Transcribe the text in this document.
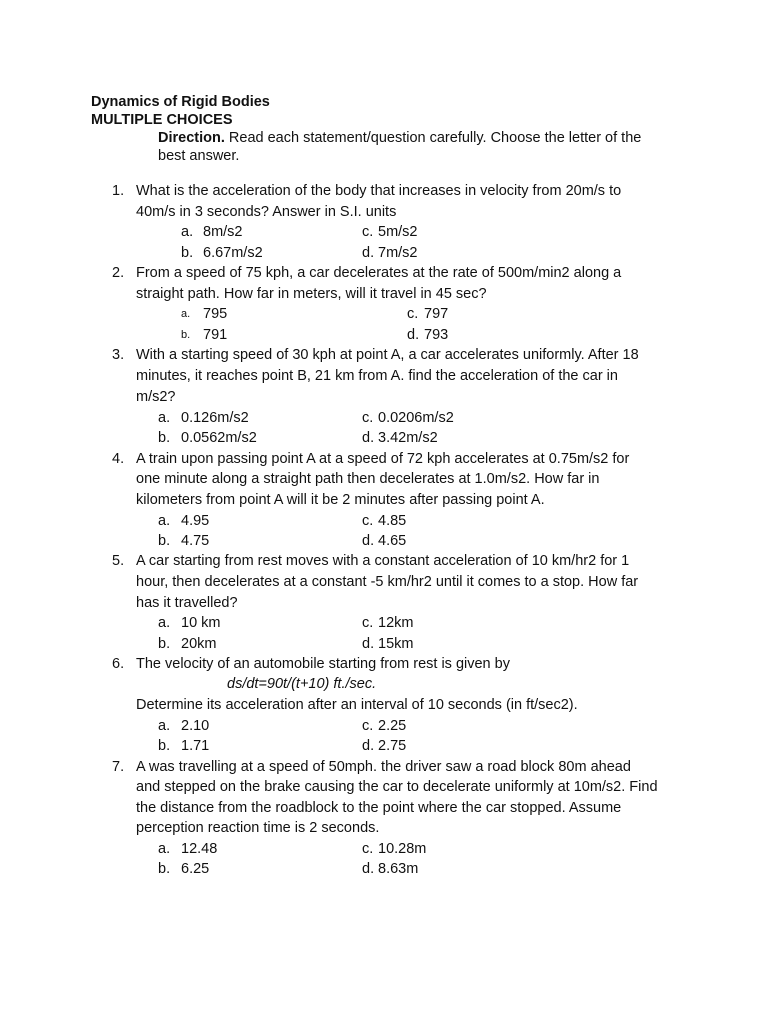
Dynamics of Rigid Bodies
MULTIPLE CHOICES
Direction. Read each statement/question carefully. Choose the letter of the
best answer.
1. What is the acceleration of the body that increases in velocity from 20m/s to
40m/s in 3 seconds? Answer in S.I. units
a. 8m/s2	c. 5m/s2
b. 6.67m/s2	d. 7m/s2
2. From a speed of 75 kph, a car decelerates at the rate of 500m/min2 along a
straight path. How far in meters, will it travel in 45 sec?
a. 795	c. 797
b. 791	d. 793
3. With a starting speed of 30 kph at point A, a car accelerates uniformly. After 18
minutes, it reaches point B, 21 km from A. find the acceleration of the car in
m/s2?
a. 0.126m/s2	c. 0.0206m/s2
b. 0.0562m/s2	d. 3.42m/s2
4. A train upon passing point A at a speed of 72 kph accelerates at 0.75m/s2 for
one minute along a straight path then decelerates at 1.0m/s2. How far in
kilometers from point A will it be 2 minutes after passing point A.
a. 4.95	c. 4.85
b. 4.75	d. 4.65
5. A car starting from rest moves with a constant acceleration of 10 km/hr2 for 1
hour, then decelerates at a constant -5 km/hr2 until it comes to a stop. How far
has it travelled?
a. 10 km	c. 12km
b. 20km	d. 15km
6. The velocity of an automobile starting from rest is given by
ds/dt=90t/(t+10) ft./sec.
Determine its acceleration after an interval of 10 seconds (in ft/sec2).
a. 2.10	c. 2.25
b. 1.71	d. 2.75
7. A was travelling at a speed of 50mph. the driver saw a road block 80m ahead
and stepped on the brake causing the car to decelerate uniformly at 10m/s2. Find
the distance from the roadblock to the point where the car stopped. Assume
perception reaction time is 2 seconds.
a. 12.48	c. 10.28m
b. 6.25	d. 8.63m
